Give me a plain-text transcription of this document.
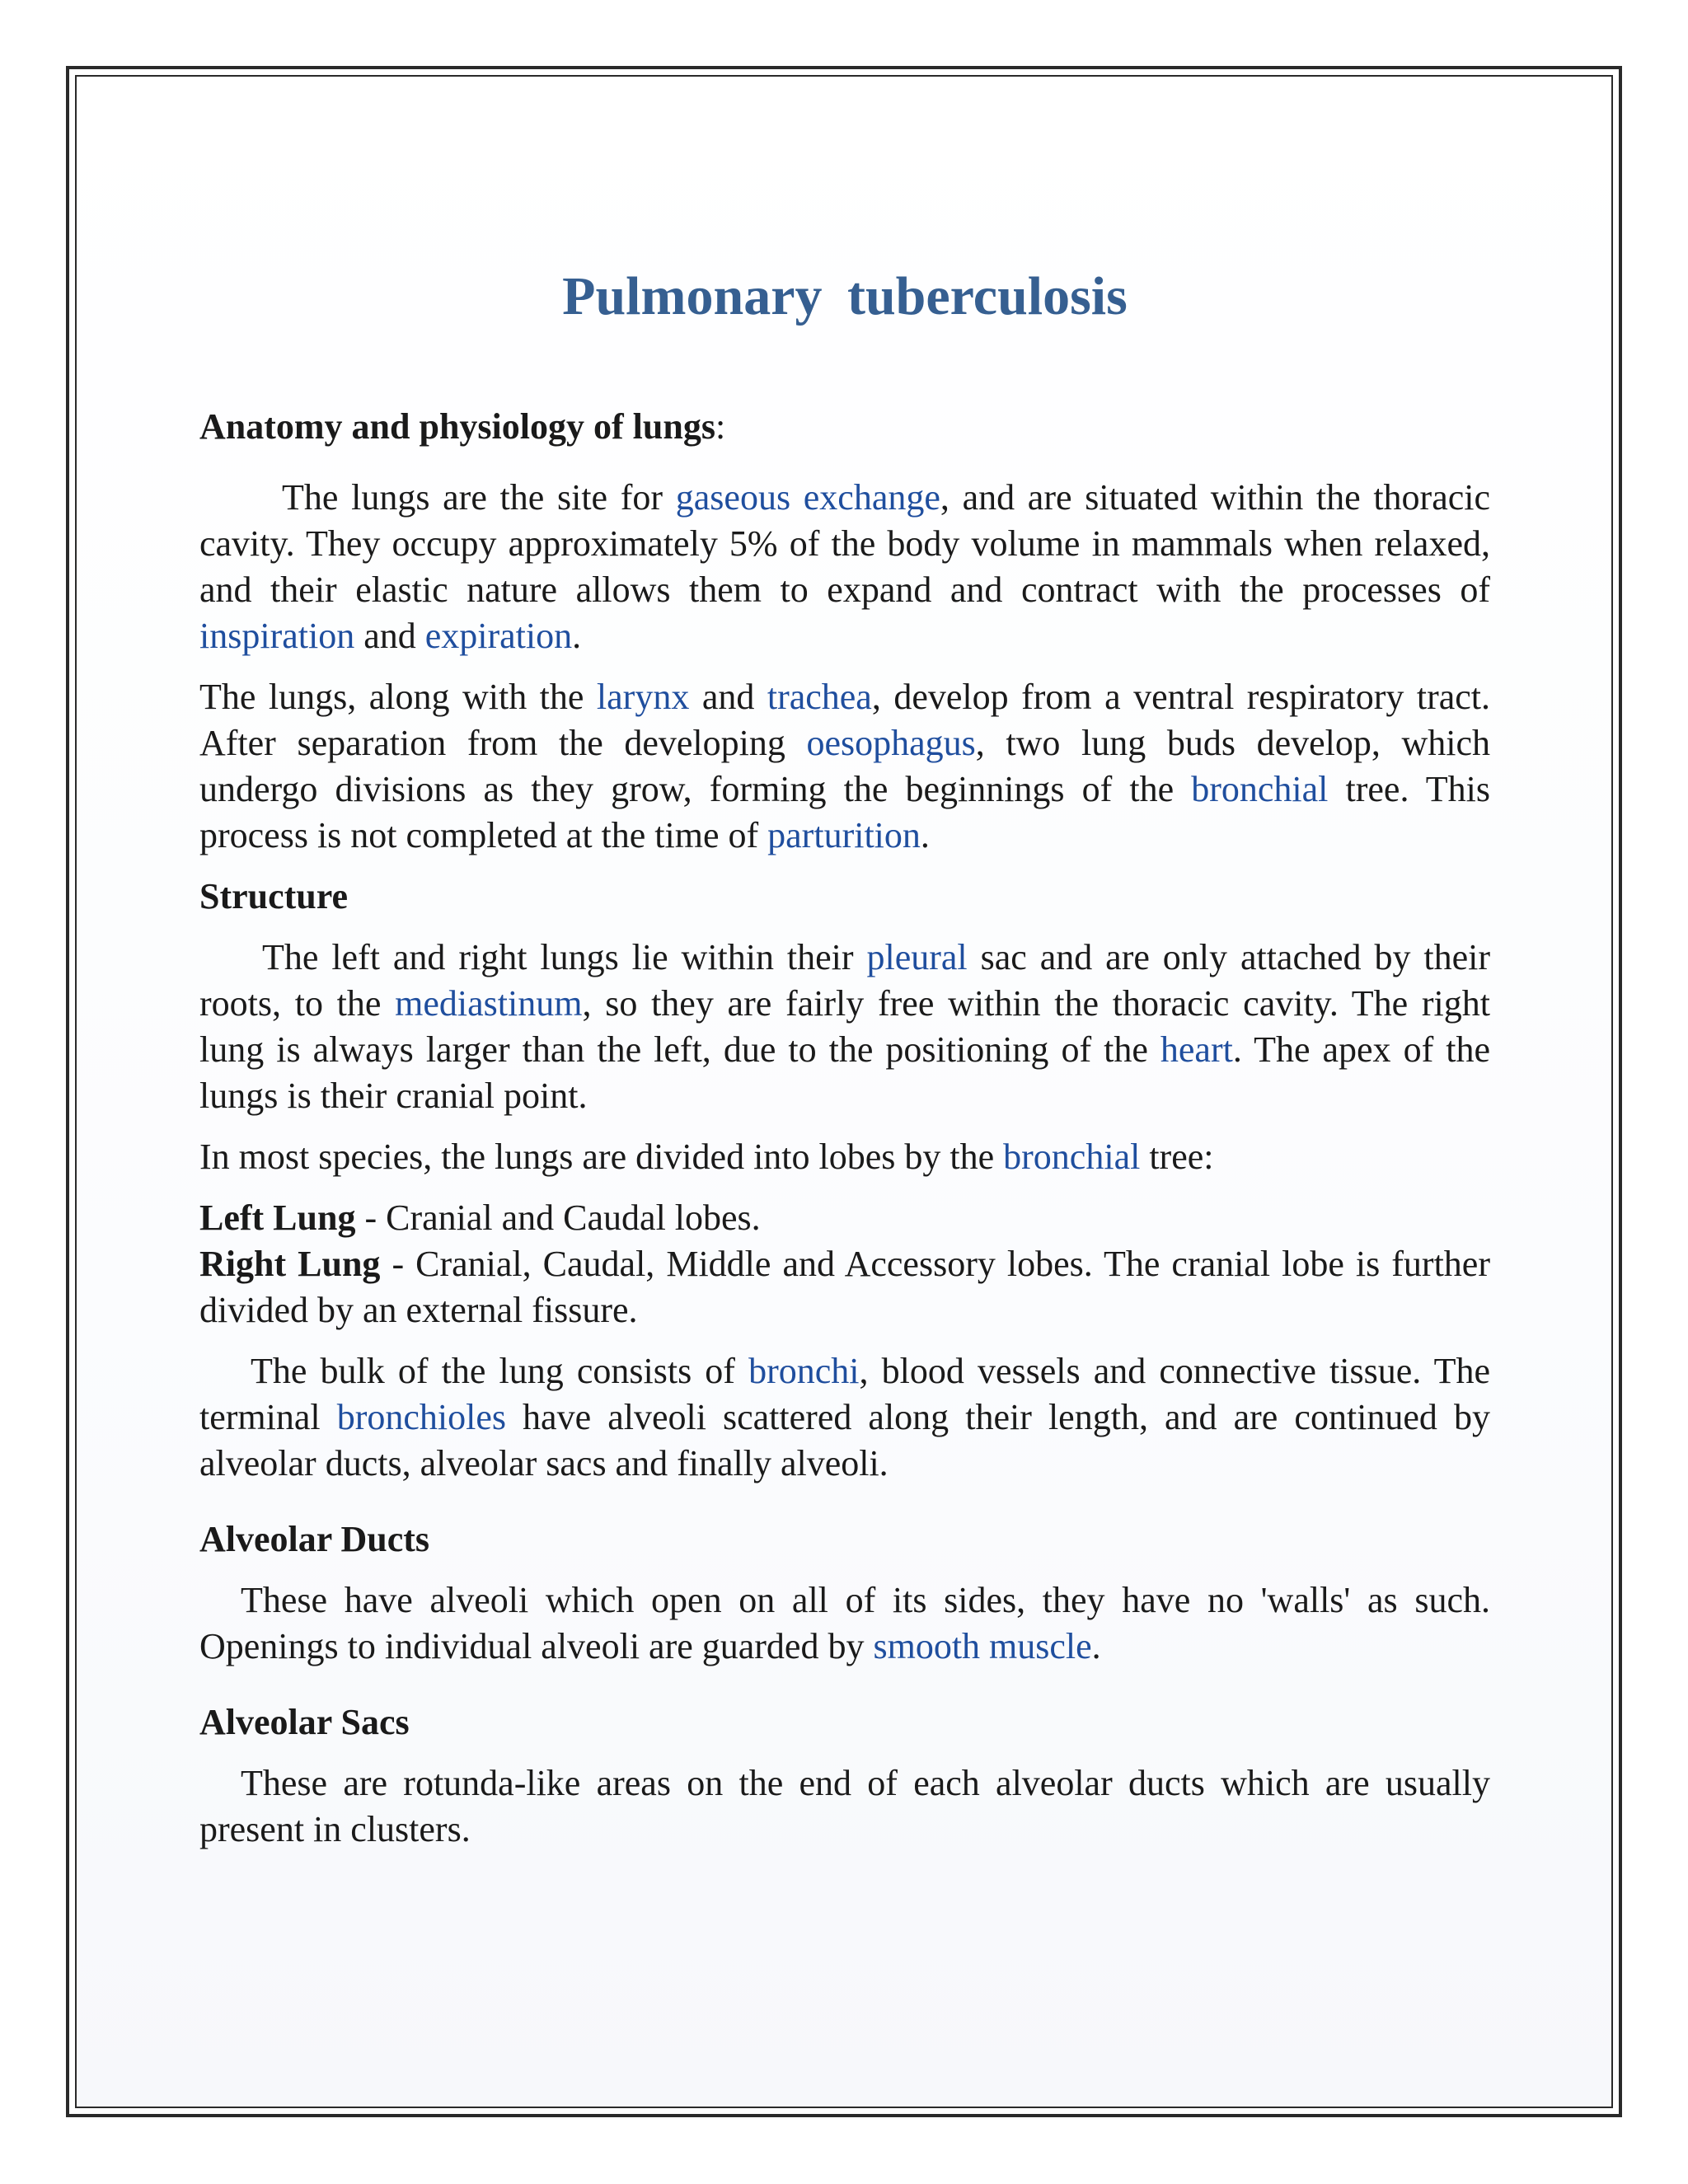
Pulmonary tuberculosis
Anatomy and physiology of lungs:

The lungs are the site for gaseous exchange, and are situated within the thoracic cavity. They occupy approximately 5% of the body volume in mammals when relaxed, and their elastic nature allows them to expand and contract with the processes of inspiration and expiration.

The lungs, along with the larynx and trachea, develop from a ventral respiratory tract. After separation from the developing oesophagus, two lung buds develop, which undergo divisions as they grow, forming the beginnings of the bronchial tree. This process is not completed at the time of parturition.

Structure

The left and right lungs lie within their pleural sac and are only attached by their roots, to the mediastinum, so they are fairly free within the thoracic cavity. The right lung is always larger than the left, due to the positioning of the heart. The apex of the lungs is their cranial point.

In most species, the lungs are divided into lobes by the bronchial tree:

Left Lung - Cranial and Caudal lobes.

Right Lung - Cranial, Caudal, Middle and Accessory lobes. The cranial lobe is further divided by an external fissure.

The bulk of the lung consists of bronchi, blood vessels and connective tissue. The terminal bronchioles have alveoli scattered along their length, and are continued by alveolar ducts, alveolar sacs and finally alveoli.

Alveolar Ducts

These have alveoli which open on all of its sides, they have no 'walls' as such. Openings to individual alveoli are guarded by smooth muscle.

Alveolar Sacs

These are rotunda-like areas on the end of each alveolar ducts which are usually present in clusters.
